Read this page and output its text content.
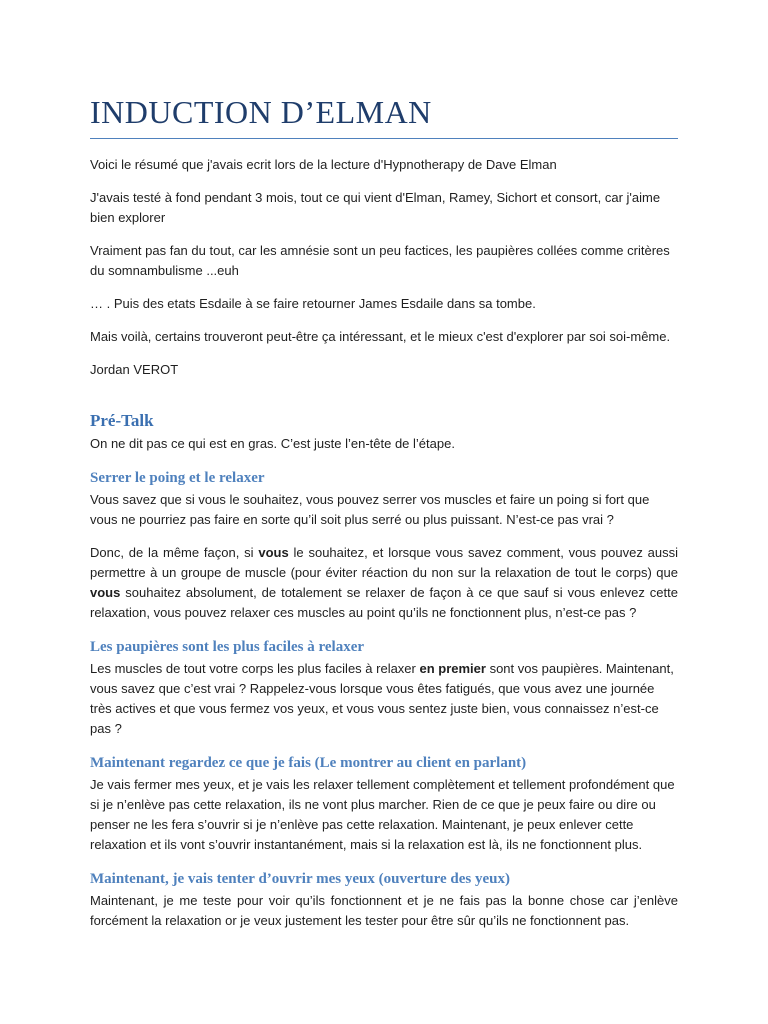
INDUCTION D’ELMAN

Voici le résumé que j'avais ecrit lors de la lecture d'Hypnotherapy de Dave Elman

J'avais testé à fond pendant 3 mois, tout ce qui vient d'Elman, Ramey, Sichort et consort, car j'aime bien explorer

Vraiment pas fan du tout, car les amnésie sont un peu factices, les paupières collées comme critères du somnambulisme ...euh

… . Puis des etats Esdaile à se faire retourner James Esdaile dans sa tombe.

Mais voilà, certains trouveront peut-être ça intéressant, et le mieux c'est d'explorer par soi soi-même.

Jordan VEROT

Pré-Talk

On ne dit pas ce qui est en gras. C’est juste l’en-tête de l’étape.

Serrer le poing et le relaxer

Vous savez que si vous le souhaitez, vous pouvez serrer vos muscles et faire un poing si fort que vous ne pourriez pas faire en sorte qu’il soit plus serré ou plus puissant. N’est-ce pas vrai ?

Donc, de la même façon, si vous le souhaitez, et lorsque vous savez comment, vous pouvez aussi permettre à un groupe de muscle (pour éviter réaction du non sur la relaxation de tout le corps) que vous souhaitez absolument, de totalement se relaxer de façon à ce que sauf si vous enlevez cette relaxation, vous pouvez relaxer ces muscles au point qu’ils ne fonctionnent plus, n’est-ce pas ?

Les paupières sont les plus faciles à relaxer

Les muscles de tout votre corps les plus faciles à relaxer en premier sont vos paupières. Maintenant, vous savez que c’est vrai ? Rappelez-vous lorsque vous êtes fatigués, que vous avez une journée très actives et que vous fermez vos yeux, et vous vous sentez juste bien, vous connaissez n’est-ce pas ?

Maintenant regardez ce que je fais (Le montrer au client en parlant)

Je vais fermer mes yeux, et je vais les relaxer tellement complètement et tellement profondément que si je n’enlève pas cette relaxation, ils ne vont plus marcher. Rien de ce que je peux faire ou dire ou penser ne les fera s’ouvrir si je n’enlève pas cette relaxation. Maintenant, je peux enlever cette relaxation et ils vont s’ouvrir instantanément, mais si la relaxation est là, ils ne fonctionnent plus.

Maintenant, je vais tenter d’ouvrir mes yeux (ouverture des yeux)

Maintenant, je me teste pour voir qu’ils fonctionnent et je ne fais pas la bonne chose car j’enlève forcément la relaxation or je veux justement les tester pour être sûr qu’ils ne fonctionnent pas.
